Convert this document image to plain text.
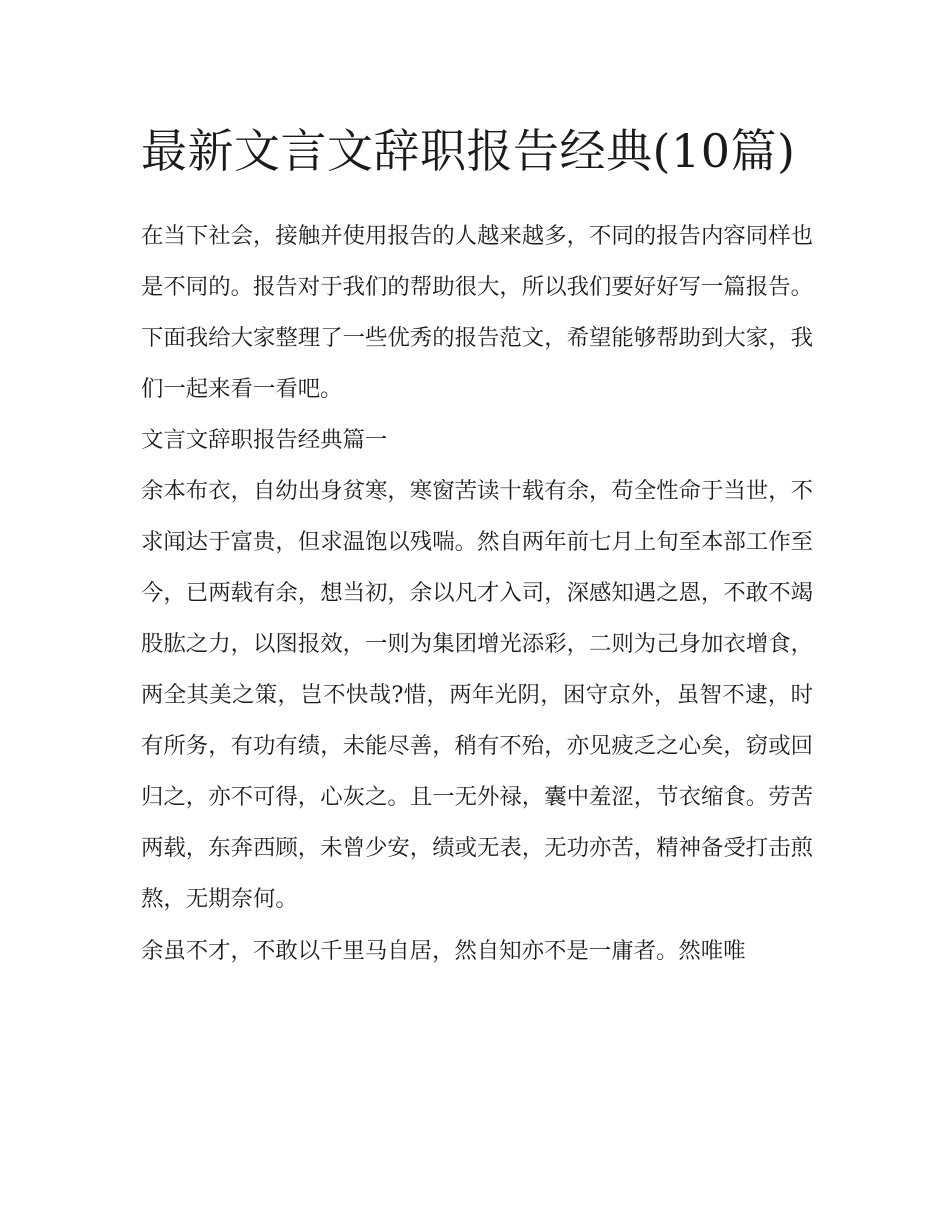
最新文言文辞职报告经典(10篇)

在当下社会，接触并使用报告的人越来越多，不同的报告内容同样也是不同的。报告对于我们的帮助很大，所以我们要好好写一篇报告。下面我给大家整理了一些优秀的报告范文，希望能够帮助到大家，我们一起来看一看吧。

文言文辞职报告经典篇一

余本布衣，自幼出身贫寒，寒窗苦读十载有余，苟全性命于当世，不求闻达于富贵，但求温饱以残喘。然自两年前七月上旬至本部工作至今，已两载有余，想当初，余以凡才入司，深感知遇之恩，不敢不竭股肱之力，以图报效，一则为集团增光添彩，二则为己身加衣增食，两全其美之策，岂不快哉?惜，两年光阴，困守京外，虽智不逮，时有所务，有功有绩，未能尽善，稍有不殆，亦见疲乏之心矣，窃或回归之，亦不可得，心灰之。且一无外禄，囊中羞涩，节衣缩食。劳苦两载，东奔西顾，未曾少安，绩或无表，无功亦苦，精神备受打击煎熬，无期奈何。

余虽不才，不敢以千里马自居，然自知亦不是一庸者。然唯唯
